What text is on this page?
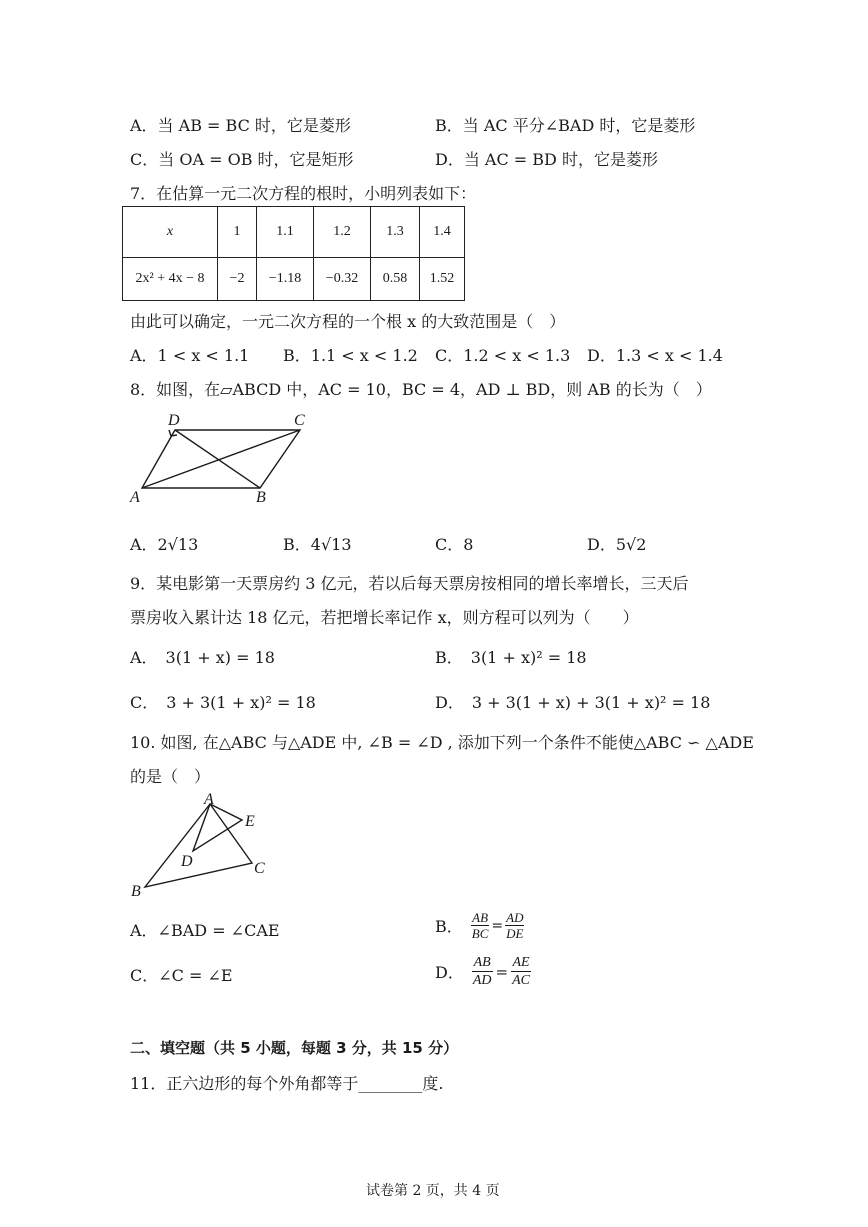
A．当 AB = BC 时，它是菱形	B．当 AC 平分∠BAD 时，它是菱形
C．当 OA = OB 时，它是矩形	D．当 AC = BD 时，它是菱形
7．在估算一元二次方程的根时，小明列表如下：
x	1	1.1	1.2	1.3	1.4
2x² + 4x − 8	−2	−1.18	−0.32	0.58	1.52
由此可以确定，一元二次方程的一个根 x 的大致范围是（　）
A．1 < x < 1.1 B．1.1 < x < 1.2 C．1.2 < x < 1.3 D．1.3 < x < 1.4
8．如图，在▱ABCD 中，AC = 10，BC = 4，AD ⊥ BD，则 AB 的长为（　）
A	B
C
D
A．2√13	B．4√13	C．8	D．5√2
9．某电影第一天票房约 3 亿元，若以后每天票房按相同的增长率增长，三天后
票房收入累计达 18 亿元，若把增长率记作 x，则方程可以列为（　　）
A．　3(1 + x) = 18	B．　3(1 + x)² = 18
C．　3 + 3(1 + x)² = 18	D．　3 + 3(1 + x) + 3(1 + x)² = 18
10. 如图, 在△ABC 与△ADE 中, ∠B = ∠D , 添加下列一个条件不能使△ABC ∽ △ADE
的是（　）
A
B
C
D
E
A．∠BAD = ∠CAE	B． $\frac{AB}{BC} = \frac{AD}{DE}$
C．∠C = ∠E	D． $\frac{AB}{AD} = \frac{AE}{AC}$
二、填空题（共 5 小题，每题 3 分，共 15 分）
11．正六边形的每个外角都等于________度.
试卷第 2 页，共 4 页
